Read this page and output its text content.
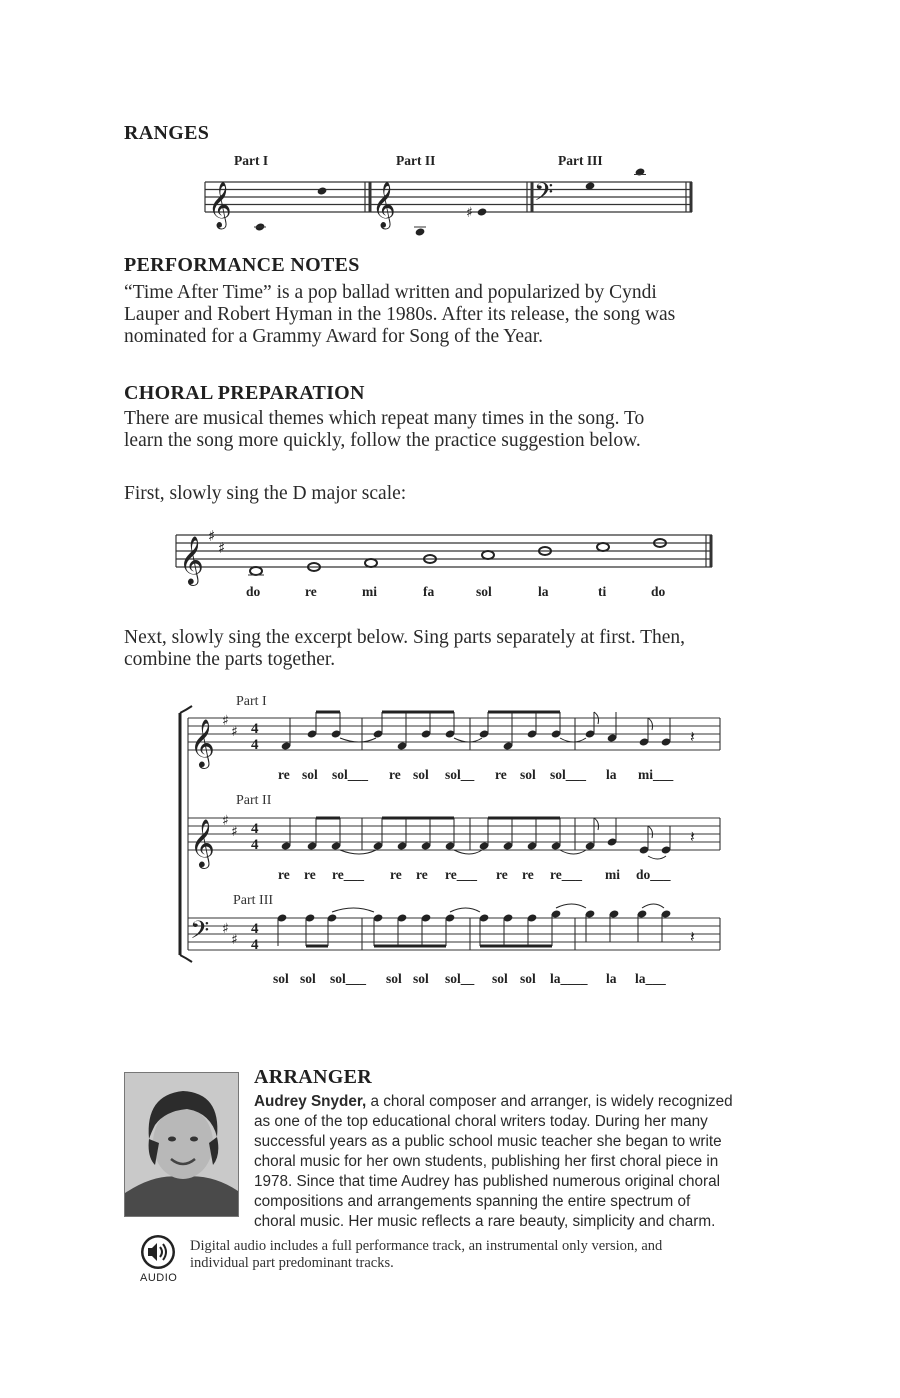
RANGES
Part I	Part II	Part III
𝄞	𝄞	𝄢
♯
𝄞 ♯
♯
𝄞 ♯
♯ 4
4	𝄽
𝄞 ♯
♯ 4
4	𝄽
𝄢 ♯
♯
4
4	𝄽
PERFORMANCE NOTES
“Time After Time” is a pop ballad written and popularized by Cyndi
Lauper and Robert Hyman in the 1980s. After its release, the song was
nominated for a Grammy Award for Song of the Year.
CHORAL PREPARATION
There are musical themes which repeat many times in the song. To
learn the song more quickly, follow the practice suggestion below.
First, slowly sing the D major scale:
do	re	mi	fa	sol	la	ti	do
Next, slowly sing the excerpt below. Sing parts separately at first. Then,
combine the parts together.
Part I
Part II
Part III
re sol sol___ re sol sol__ re sol sol___ la mi___
re re re___ re re re___ re re re___ mi do___
sol sol sol___ sol sol sol__ sol sol la____ la la___
ARRANGER
Audrey Snyder, a choral composer and arranger, is widely recognized
as one of the top educational choral writers today. During her many
successful years as a public school music teacher she began to write
choral music for her own students, publishing her first choral piece in
1978. Since that time Audrey has published numerous original choral
compositions and arrangements spanning the entire spectrum of
choral music. Her music reflects a rare beauty, simplicity and charm.
AUDIO
Digital audio includes a full performance track, an instrumental only version, and
individual part predominant tracks.
